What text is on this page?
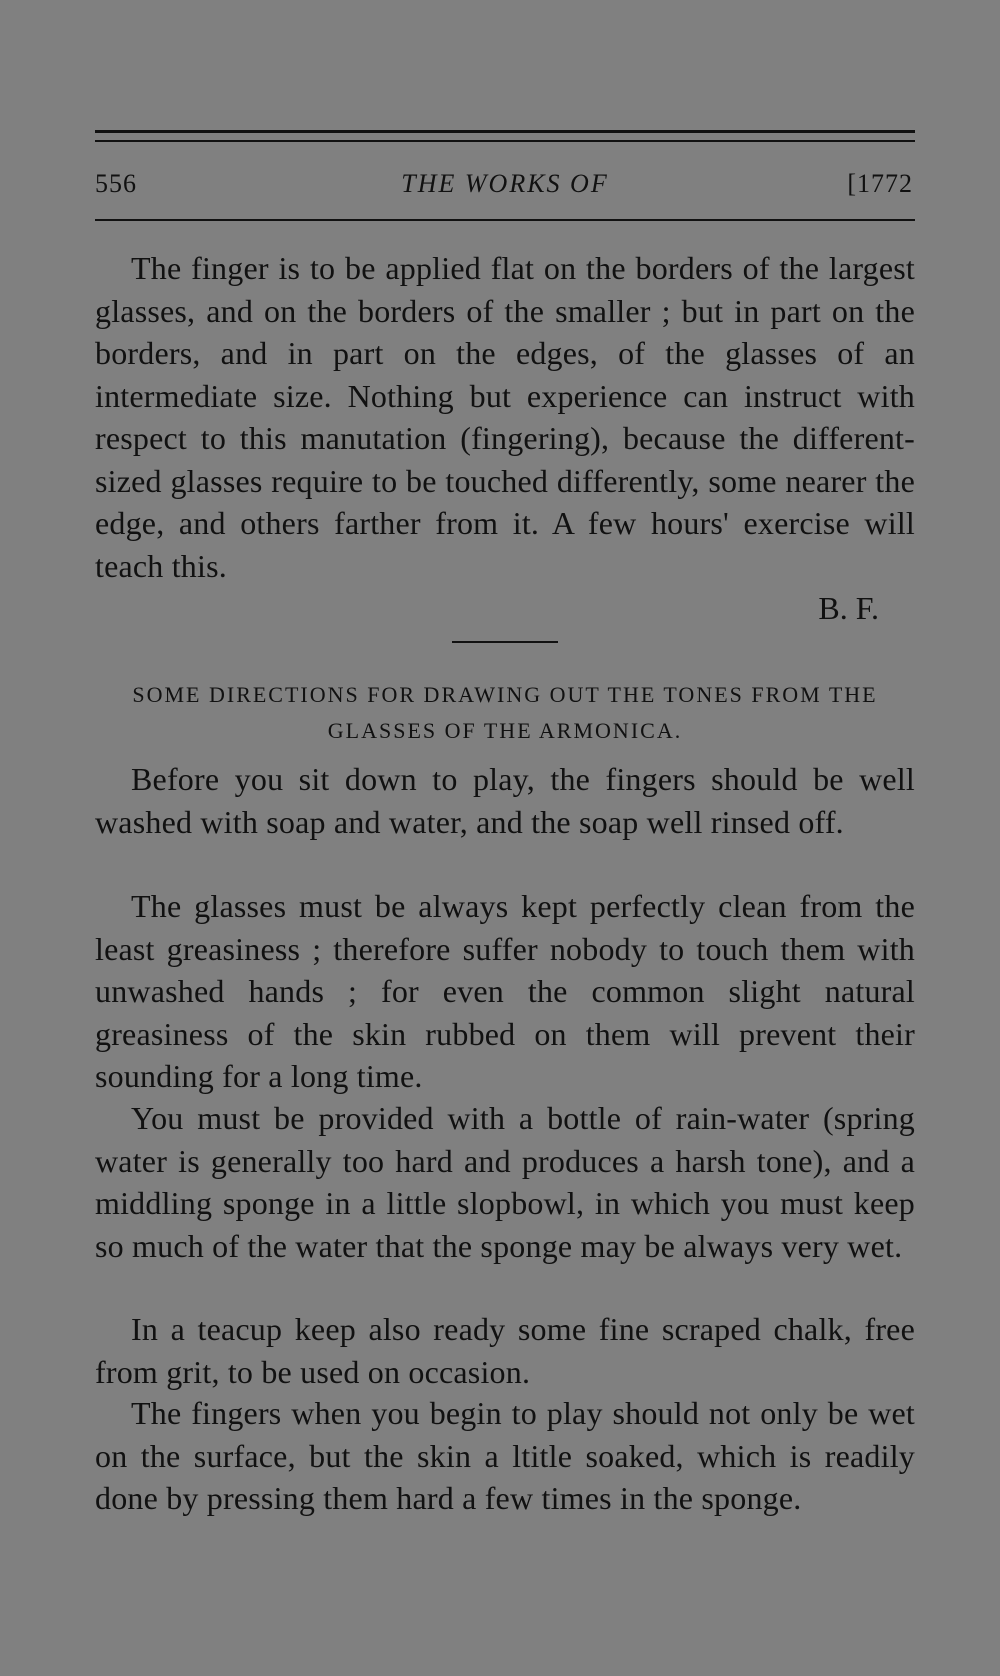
556	THE WORKS OF	[1772

The finger is to be applied flat on the borders of the largest glasses, and on the borders of the smaller ; but in part on the borders, and in part on the edges, of the glasses of an intermediate size. Nothing but experience can instruct with respect to this manutation (fingering), because the different-sized glasses require to be touched differently, some nearer the edge, and others farther from it. A few hours' exercise will teach this.

B. F.

SOME DIRECTIONS FOR DRAWING OUT THE TONES FROM THE GLASSES OF THE ARMONICA.

Before you sit down to play, the fingers should be well washed with soap and water, and the soap well rinsed off.

The glasses must be always kept perfectly clean from the least greasiness ; therefore suffer nobody to touch them with unwashed hands ; for even the common slight natural greasiness of the skin rubbed on them will prevent their sounding for a long time.

You must be provided with a bottle of rain-water (spring water is generally too hard and produces a harsh tone), and a middling sponge in a little slopbowl, in which you must keep so much of the water that the sponge may be always very wet.

In a teacup keep also ready some fine scraped chalk, free from grit, to be used on occasion.

The fingers when you begin to play should not only be wet on the surface, but the skin a ltitle soaked, which is readily done by pressing them hard a few times in the sponge.
